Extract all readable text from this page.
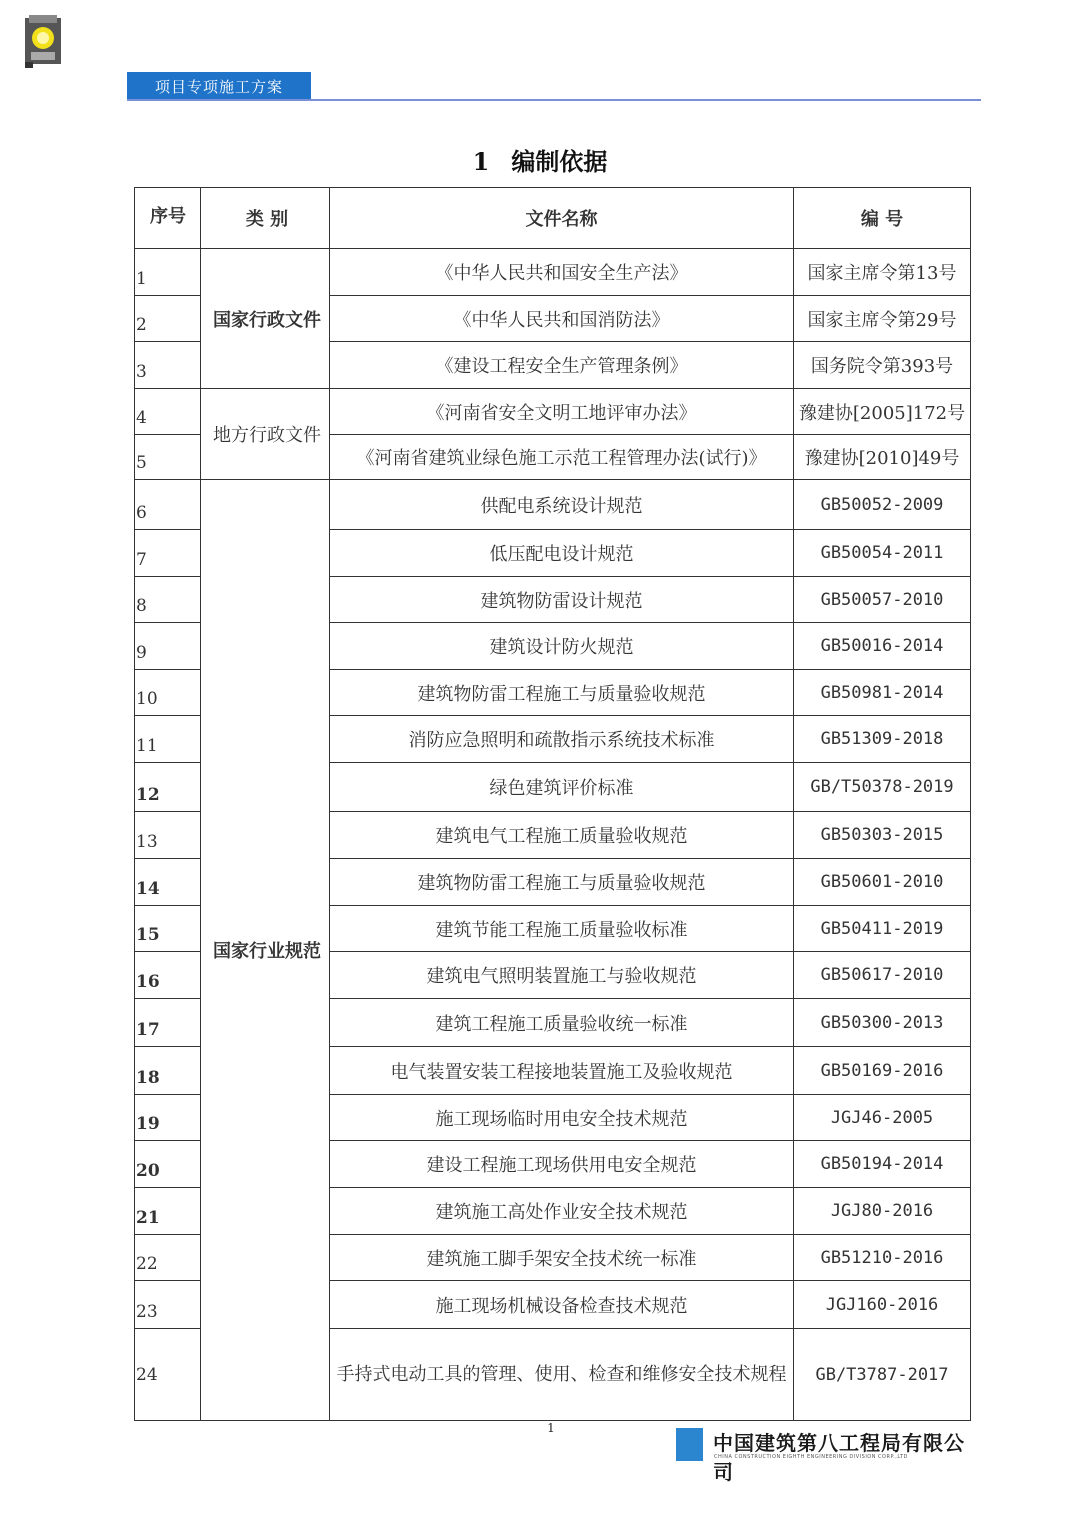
项目专项施工方案
1 编制依据
序号	类 别	文件名称	编 号
1	国家行政文件	《中华人民共和国安全生产法》	国家主席令第13号
2		《中华人民共和国消防法》	国家主席令第29号
3		《建设工程安全生产管理条例》	国务院令第393号
4	地方行政文件	《河南省安全文明工地评审办法》	豫建协[2005]172号
5		《河南省建筑业绿色施工示范工程管理办法(试行)》	豫建协[2010]49号
6	国家行业规范	供配电系统设计规范	GB50052-2009
7		低压配电设计规范	GB50054-2011
8		建筑物防雷设计规范	GB50057-2010
9		建筑设计防火规范	GB50016-2014
10		建筑物防雷工程施工与质量验收规范	GB50981-2014
11		消防应急照明和疏散指示系统技术标准	GB51309-2018
12		绿色建筑评价标准	GB/T50378-2019
13		建筑电气工程施工质量验收规范	GB50303-2015
14		建筑物防雷工程施工与质量验收规范	GB50601-2010
15		建筑节能工程施工质量验收标准	GB50411-2019
16		建筑电气照明装置施工与验收规范	GB50617-2010
17		建筑工程施工质量验收统一标准	GB50300-2013
18		电气装置安装工程接地装置施工及验收规范	GB50169-2016
19		施工现场临时用电安全技术规范	JGJ46-2005
20		建设工程施工现场供用电安全规范	GB50194-2014
21		建筑施工高处作业安全技术规范	JGJ80-2016
22		建筑施工脚手架安全技术统一标准	GB51210-2016
23		施工现场机械设备检查技术规范	JGJ160-2016
24		手持式电动工具的管理、使用、检查和维修安全技术规程	GB/T3787-2017
1
中国建筑第八工程局有限公司
CHINA CONSTRUCTION EIGHTH ENGINEERING DIVISION CORP.,LTD
